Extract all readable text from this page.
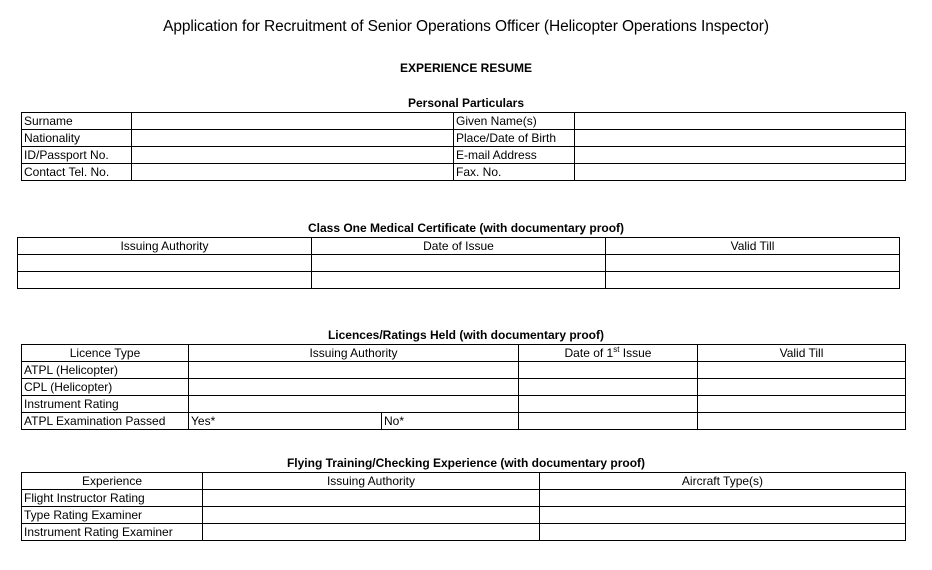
Application for Recruitment of Senior Operations Officer (Helicopter Operations Inspector)
EXPERIENCE RESUME
Personal Particulars
Surname		Given Name(s)	
Nationality		Place/Date of Birth	
ID/Passport No.		E-mail Address	
Contact Tel. No.		Fax. No.	
Class One Medical Certificate (with documentary proof)
Issuing Authority	Date of Issue	Valid Till

Licences/Ratings Held (with documentary proof)
Licence Type	Issuing Authority		Date of 1st Issue	Valid Till
ATPL (Helicopter)				
CPL (Helicopter)				
Instrument Rating				
ATPL Examination Passed	Yes*	No*		
Flying Training/Checking Experience (with documentary proof)
Experience	Issuing Authority	Aircraft Type(s)
Flight Instructor Rating		
Type Rating Examiner		
Instrument Rating Examiner		
